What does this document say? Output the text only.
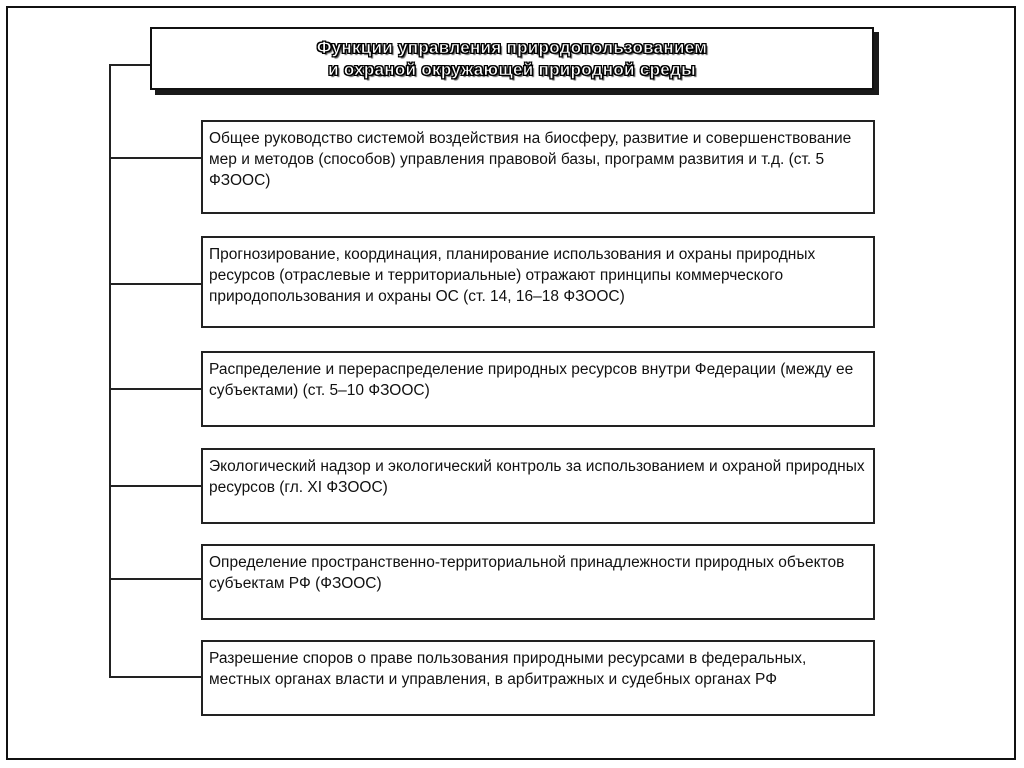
Функции управления природопользованием
и охраной окружающей природной среды
Общее руководство системой воздействия на биосферу, развитие и совершенствование мер и методов (способов) управления правовой базы, программ развития и т.д. (ст. 5 ФЗООС)
Прогнозирование, координация, планирование использования и охраны природных ресурсов (отраслевые и территориальные) отражают принципы коммерческого природопользования и охраны ОС (ст. 14, 16–18 ФЗООС)
Распределение и перераспределение природных ресурсов внутри Федерации (между ее субъектами) (ст. 5–10 ФЗООС)
Экологический надзор и экологический контроль за использованием и охраной природных ресурсов (гл. XI ФЗООС)
Определение пространственно-территориальной принадлежности природных объектов субъектам РФ (ФЗООС)
Разрешение споров о праве пользования природными ресурсами в федеральных, местных органах власти и управления, в арбитражных и судебных органах РФ
